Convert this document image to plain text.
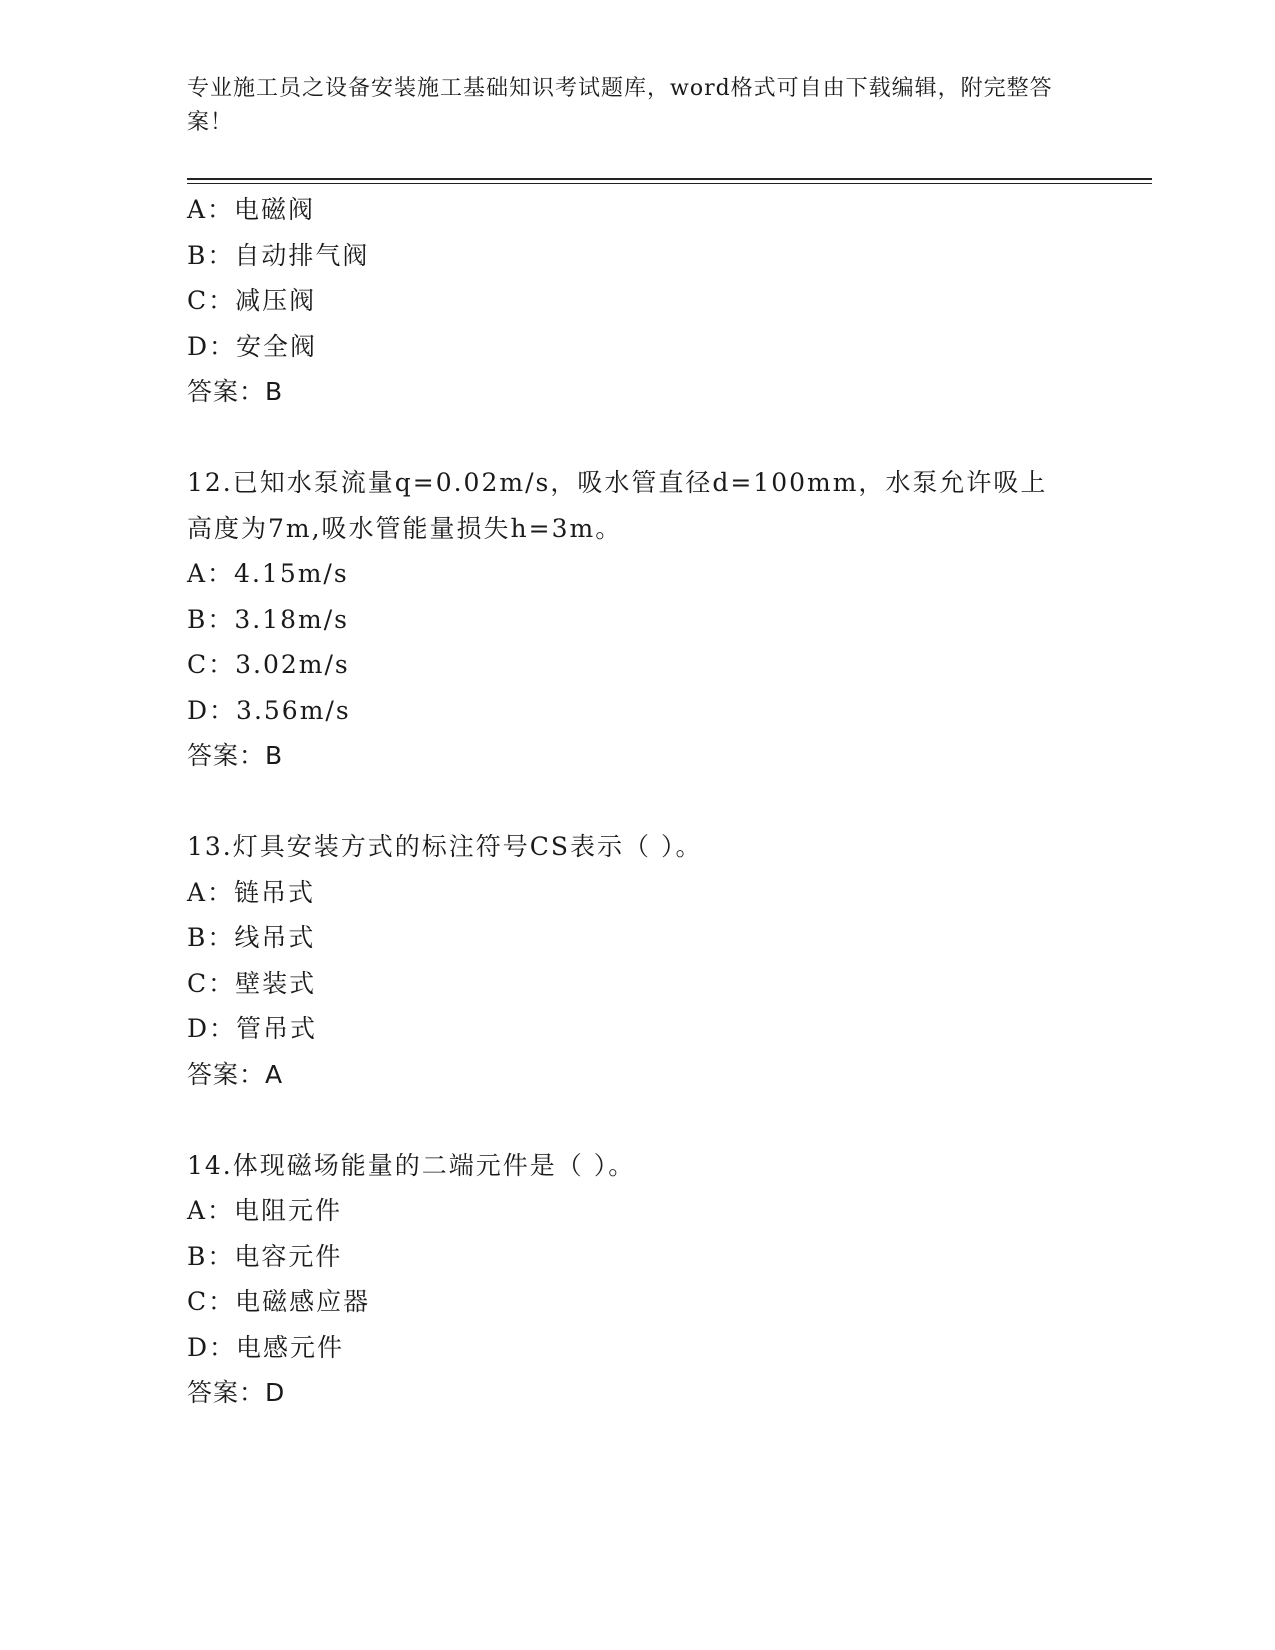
专业施工员之设备安装施工基础知识考试题库，word格式可自由下载编辑，附完整答案！
A：电磁阀
B：自动排气阀
C：减压阀
D：安全阀
答案：B
12.已知水泵流量q=0.02m/s，吸水管直径d=100mm，水泵允许吸上高度为7m,吸水管能量损失h=3m。
A：4.15m/s
B：3.18m/s
C：3.02m/s
D：3.56m/s
答案：B
13.灯具安装方式的标注符号CS表示（ ）。
A：链吊式
B：线吊式
C：壁装式
D：管吊式
答案：A
14.体现磁场能量的二端元件是（ ）。
A：电阻元件
B：电容元件
C：电磁感应器
D：电感元件
答案：D
